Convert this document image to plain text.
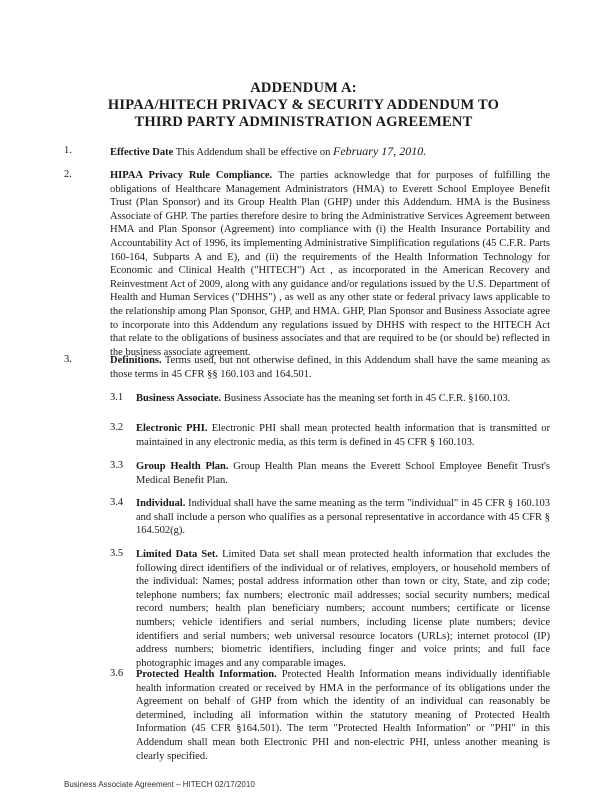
ADDENDUM A:
HIPAA/HITECH PRIVACY & SECURITY ADDENDUM TO
THIRD PARTY ADMINISTRATION AGREEMENT
1.	Effective Date This Addendum shall be effective on February 17, 2010.
2.	HIPAA Privacy Rule Compliance. The parties acknowledge that for purposes of fulfilling the obligations of Healthcare Management Administrators (HMA) to Everett School Employee Benefit Trust (Plan Sponsor) and its Group Health Plan (GHP) under this Addendum. HMA is the Business Associate of GHP. The parties therefore desire to bring the Administrative Services Agreement between HMA and Plan Sponsor (Agreement) into compliance with (i) the Health Insurance Portability and Accountability Act of 1996, its implementing Administrative Simplification regulations (45 C.F.R. Parts 160-164, Subparts A and E), and (ii) the requirements of the Health Information Technology for Economic and Clinical Health ("HITECH") Act , as incorporated in the American Recovery and Reinvestment Act of 2009, along with any guidance and/or regulations issued by the U.S. Department of Health and Human Services ("DHHS") , as well as any other state or federal privacy laws applicable to the relationship among Plan Sponsor, GHP, and HMA. GHP, Plan Sponsor and Business Associate agree to incorporate into this Addendum any regulations issued by DHHS with respect to the HITECH Act that relate to the obligations of business associates and that are required to be (or should be) reflected in the business associate agreement.
3.	Definitions. Terms used, but not otherwise defined, in this Addendum shall have the same meaning as those terms in 45 CFR §§ 160.103 and 164.501.
3.1 Business Associate. Business Associate has the meaning set forth in 45 C.F.R. §160.103.
3.2 Electronic PHI. Electronic PHI shall mean protected health information that is transmitted or maintained in any electronic media, as this term is defined in 45 CFR § 160.103.
3.3 Group Health Plan. Group Health Plan means the Everett School Employee Benefit Trust's Medical Benefit Plan.
3.4 Individual. Individual shall have the same meaning as the term "individual" in 45 CFR § 160.103 and shall include a person who qualifies as a personal representative in accordance with 45 CFR § 164.502(g).
3.5 Limited Data Set. Limited Data set shall mean protected health information that excludes the following direct identifiers of the individual or of relatives, employers, or household members of the individual: Names; postal address information other than town or city, State, and zip code; telephone numbers; fax numbers; electronic mail addresses; social security numbers; medical record numbers; health plan beneficiary numbers; account numbers; certificate or license numbers; vehicle identifiers and serial numbers, including license plate numbers; device identifiers and serial numbers; web universal resource locators (URLs); internet protocol (IP) address numbers; biometric identifiers, including finger and voice prints; and full face photographic images and any comparable images.
3.6 Protected Health Information. Protected Health Information means individually identifiable health information created or received by HMA in the performance of its obligations under the Agreement on behalf of GHP from which the identity of an individual can reasonably be determined, including all information within the statutory meaning of Protected Health Information (45 CFR §164.501). The term "Protected Health Information" or "PHI" in this Addendum shall mean both Electronic PHI and non-electric PHI, unless another meaning is clearly specified.
Business Associate Agreement – HITECH 02/17/2010
